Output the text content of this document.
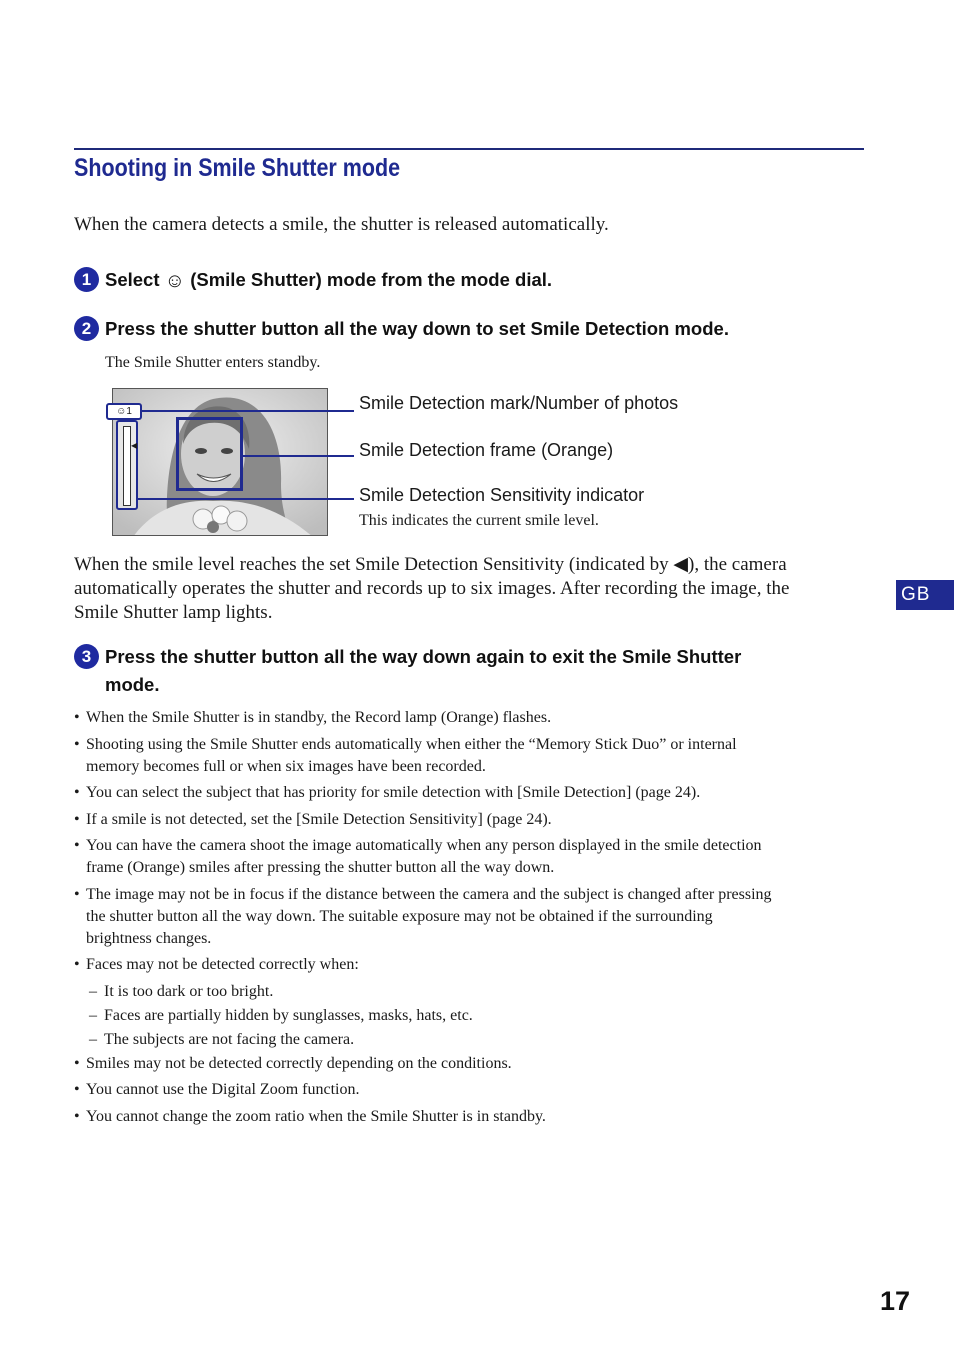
Shooting in Smile Shutter mode
When the camera detects a smile, the shutter is released automatically.
1 Select ☺ (Smile Shutter) mode from the mode dial.
2 Press the shutter button all the way down to set Smile Detection mode.
The Smile Shutter enters standby.
☺1
◀
Smile Detection mark/Number of photos
Smile Detection frame (Orange)
Smile Detection Sensitivity indicator
This indicates the current smile level.
When the smile level reaches the set Smile Detection Sensitivity (indicated by ◀), the camera
automatically operates the shutter and records up to six images. After recording the image, the
Smile Shutter lamp lights.
3 Press the shutter button all the way down again to exit the Smile Shutter
mode.
• When the Smile Shutter is in standby, the Record lamp (Orange) flashes.
• Shooting using the Smile Shutter ends automatically when either the “Memory Stick Duo” or internal
memory becomes full or when six images have been recorded.
• You can select the subject that has priority for smile detection with [Smile Detection] (page 24).
• If a smile is not detected, set the [Smile Detection Sensitivity] (page 24).
• You can have the camera shoot the image automatically when any person displayed in the smile detection
frame (Orange) smiles after pressing the shutter button all the way down.
• The image may not be in focus if the distance between the camera and the subject is changed after pressing
the shutter button all the way down. The suitable exposure may not be obtained if the surrounding
brightness changes.
• Faces may not be detected correctly when:
– It is too dark or too bright.
– Faces are partially hidden by sunglasses, masks, hats, etc.
– The subjects are not facing the camera.
• Smiles may not be detected correctly depending on the conditions.
• You cannot use the Digital Zoom function.
• You cannot change the zoom ratio when the Smile Shutter is in standby.
GB
17
